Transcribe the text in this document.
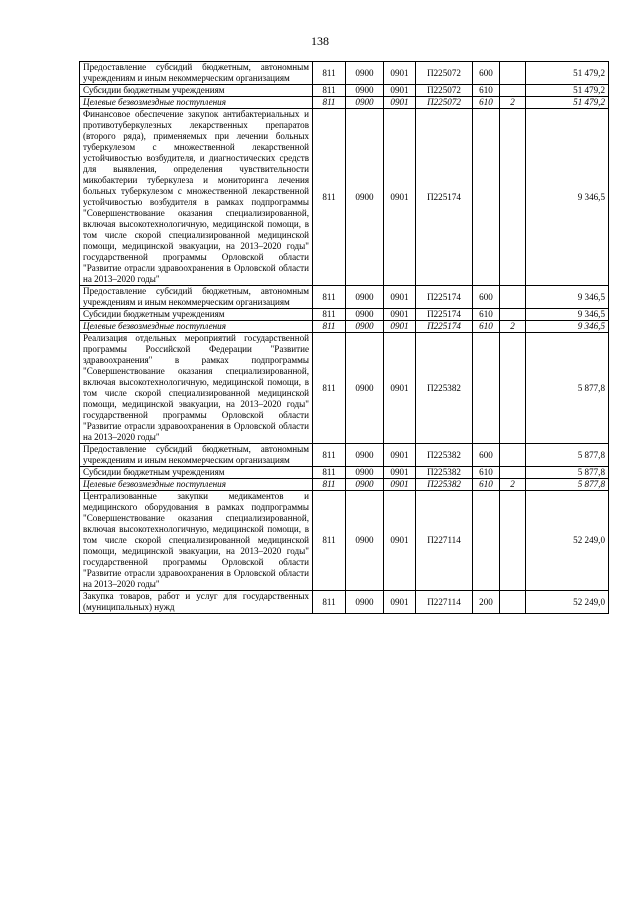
138
Предоставление субсидий бюджетным, автономным учреждениям и иным некоммерческим организациям	811	0900	0901	П225072	600		51 479,2
Субсидии бюджетным учреждениям	811	0900	0901	П225072	610		51 479,2
Целевые безвозмездные поступления	811	0900	0901	П225072	610	2	51 479,2
Финансовое обеспечение закупок антибактериальных и противотуберкулезных лекарственных препаратов (второго ряда), применяемых при лечении больных туберкулезом с множественной лекарственной устойчивостью возбудителя, и диагностических средств для выявления, определения чувствительности микобактерии туберкулеза и мониторинга лечения больных туберкулезом с множественной лекарственной устойчивостью возбудителя в рамках подпрограммы "Совершенствование оказания специализированной, включая высокотехнологичную, медицинской помощи, в том числе скорой специализированной медицинской помощи, медицинской эвакуации, на 2013–2020 годы" государственной программы Орловской области "Развитие отрасли здравоохранения в Орловской области на 2013–2020 годы"	811	0900	0901	П225174			9 346,5
Предоставление субсидий бюджетным, автономным учреждениям и иным некоммерческим организациям	811	0900	0901	П225174	600		9 346,5
Субсидии бюджетным учреждениям	811	0900	0901	П225174	610		9 346,5
Целевые безвозмездные поступления	811	0900	0901	П225174	610	2	9 346,5
Реализация отдельных мероприятий государственной программы Российской Федерации "Развитие здравоохранения" в рамках подпрограммы "Совершенствование оказания специализированной, включая высокотехнологичную, медицинской помощи, в том числе скорой специализированной медицинской помощи, медицинской эвакуации, на 2013–2020 годы" государственной программы Орловской области "Развитие отрасли здравоохранения в Орловской области на 2013–2020 годы"	811	0900	0901	П225382			5 877,8
Предоставление субсидий бюджетным, автономным учреждениям и иным некоммерческим организациям	811	0900	0901	П225382	600		5 877,8
Субсидии бюджетным учреждениям	811	0900	0901	П225382	610		5 877,8
Целевые безвозмездные поступления	811	0900	0901	П225382	610	2	5 877,8
Централизованные закупки медикаментов и медицинского оборудования в рамках подпрограммы "Совершенствование оказания специализированной, включая высокотехнологичную, медицинской помощи, в том числе скорой специализированной медицинской помощи, медицинской эвакуации, на 2013–2020 годы" государственной программы Орловской области "Развитие отрасли здравоохранения в Орловской области на 2013–2020 годы"	811	0900	0901	П227114			52 249,0
Закупка товаров, работ и услуг для государственных (муниципальных) нужд	811	0900	0901	П227114	200		52 249,0
